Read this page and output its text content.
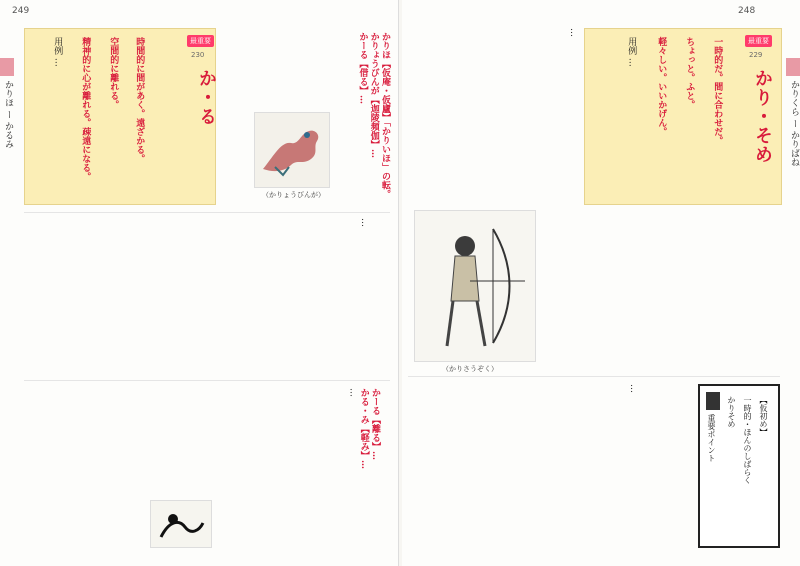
249
かりほ ー かるみ
最重要
230
か・る
時間的に間があく。遠ざかる。
空間的に離れる。
精神的に心が離れる。疎遠になる。
用例 …	かりほ【仮庵・仮廬】「かりいほ」の転。
かりょうびんが【迦陵頻伽】…
かーる【借る】…
（かりょうびんが）

…
かーる【離る】…
かる・み【軽み】…
…
248
かりくら ー かりばね
最重要
229
かり・そめ
一時的だ。間に合わせだ。
ちょっと。ふと。
軽々しい。いいかげん。
用例 …
…
（かりさうぞく）
…
重要ポイント
かりそめ 一時的・ほんのしばらく 【仮初め】
